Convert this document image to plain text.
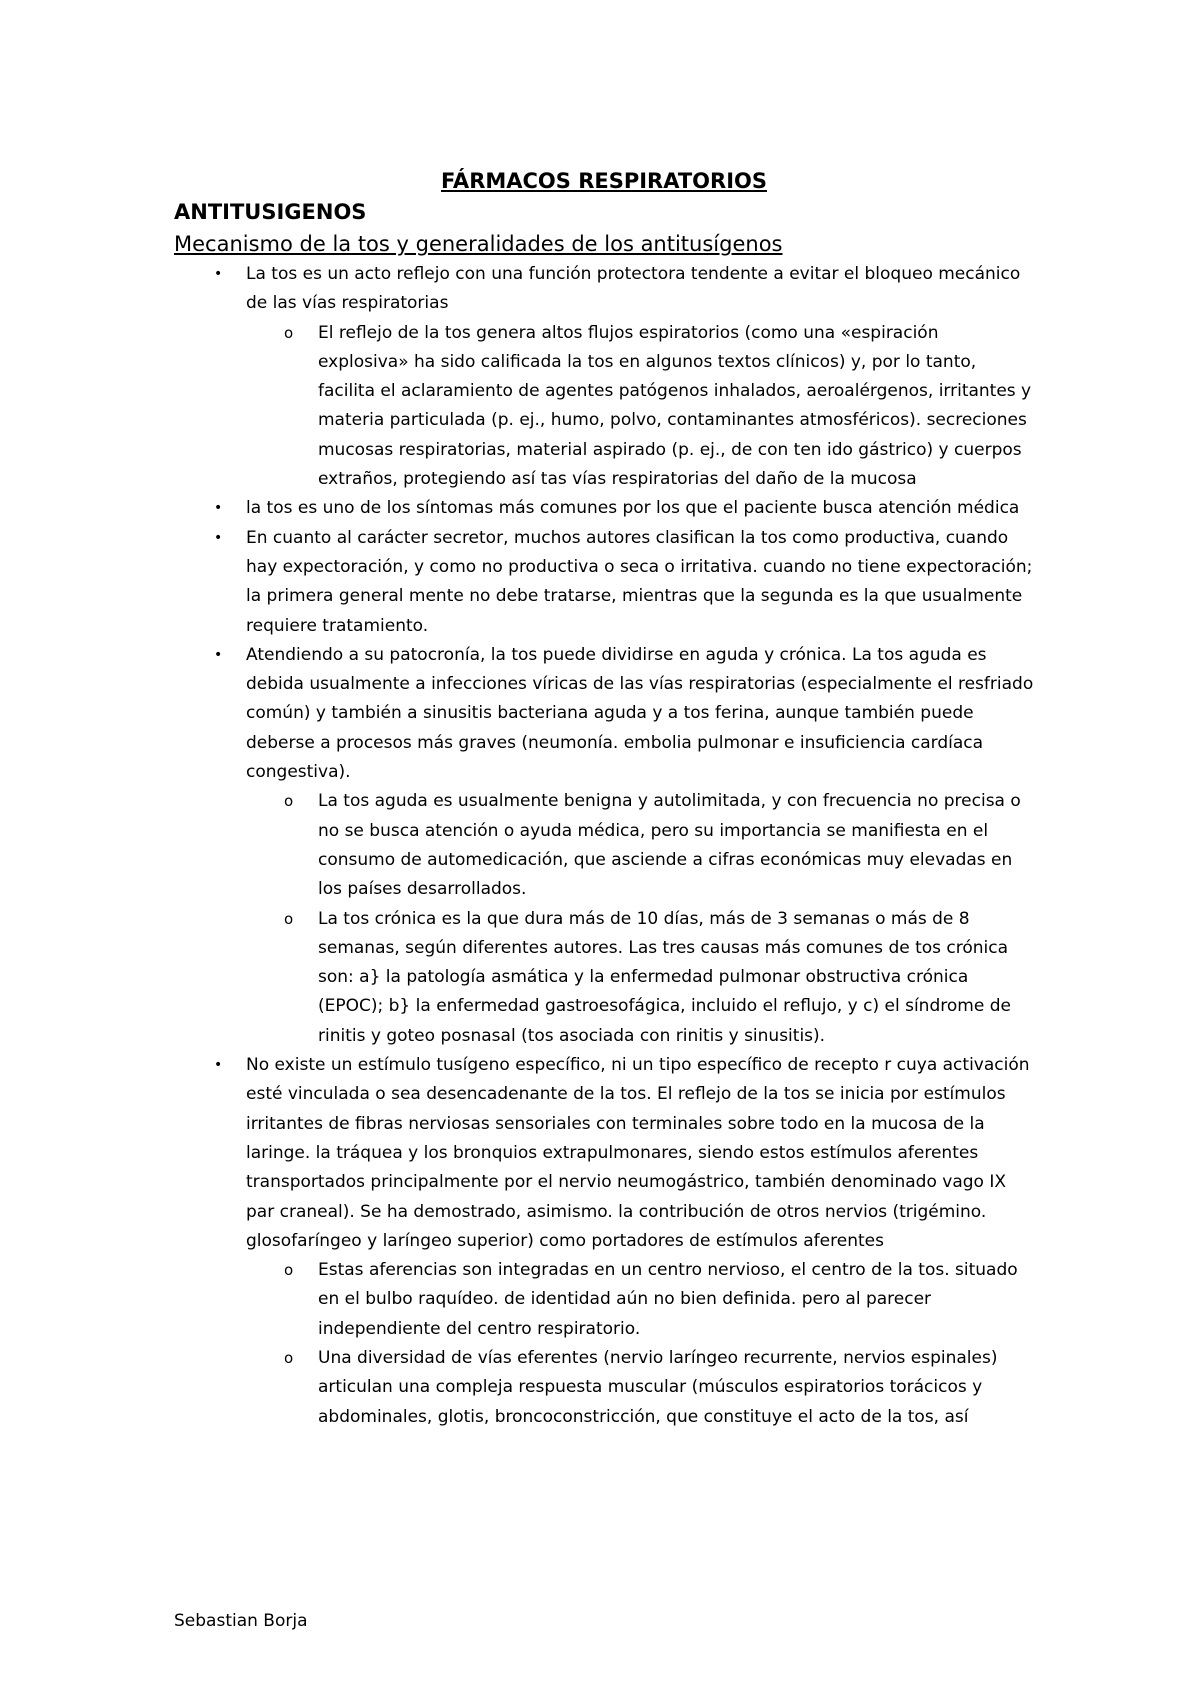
FÁRMACOS RESPIRATORIOS

ANTITUSIGENOS

Mecanismo de la tos y generalidades de los antitusígenos

• La tos es un acto reflejo con una función protectora tendente a evitar el bloqueo mecánico de las vías respiratorias
o El reflejo de la tos genera altos flujos espiratorios (como una «espiración explosiva» ha sido calificada la tos en algunos textos clínicos) y, por lo tanto, facilita el aclaramiento de agentes patógenos inhalados, aeroalérgenos, irritantes y materia particulada (p. ej., humo, polvo, contaminantes atmosféricos). secreciones mucosas respiratorias, material aspirado (p. ej., de con ten ido gástrico) y cuerpos extraños, protegiendo así tas vías respiratorias del daño de la mucosa
• la tos es uno de los síntomas más comunes por los que el paciente busca atención médica
• En cuanto al carácter secretor, muchos autores clasifican la tos como productiva, cuando hay expectoración, y como no productiva o seca o irritativa. cuando no tiene expectoración; la primera general mente no debe tratarse, mientras que la segunda es la que usualmente requiere tratamiento.
• Atendiendo a su patocronía, la tos puede dividirse en aguda y crónica. La tos aguda es debida usualmente a infecciones víricas de las vías respiratorias (especialmente el resfriado común) y también a sinusitis bacteriana aguda y a tos ferina, aunque también puede deberse a procesos más graves (neumonía. embolia pulmonar e insuficiencia cardíaca congestiva).
o La tos aguda es usualmente benigna y autolimitada, y con frecuencia no precisa o no se busca atención o ayuda médica, pero su importancia se manifiesta en el consumo de automedicación, que asciende a cifras económicas muy elevadas en los países desarrollados.
o La tos crónica es la que dura más de 10 días, más de 3 semanas o más de 8 semanas, según diferentes autores. Las tres causas más comunes de tos crónica son: a} la patología asmática y la enfermedad pulmonar obstructiva crónica (EPOC); b} la enfermedad gastroesofágica, incluido el reflujo, y c) el síndrome de rinitis y goteo posnasal (tos asociada con rinitis y sinusitis).
• No existe un estímulo tusígeno específico, ni un tipo específico de recepto r cuya activación esté vinculada o sea desencadenante de la tos. El reflejo de la tos se inicia por estímulos irritantes de fibras nerviosas sensoriales con terminales sobre todo en la mucosa de la laringe. la tráquea y los bronquios extrapulmonares, siendo estos estímulos aferentes transportados principalmente por el nervio neumogástrico, también denominado vago IX par craneal). Se ha demostrado, asimismo. la contribución de otros nervios (trigémino. glosofaríngeo y laríngeo superior) como portadores de estímulos aferentes
o Estas aferencias son integradas en un centro nervioso, el centro de la tos. situado en el bulbo raquídeo. de identidad aún no bien definida. pero al parecer independiente del centro respiratorio.
o Una diversidad de vías eferentes (nervio laríngeo recurrente, nervios espinales) articulan una compleja respuesta muscular (músculos espiratorios torácicos y abdominales, glotis, broncoconstricción, que constituye el acto de la tos, así
Sebastian Borja
